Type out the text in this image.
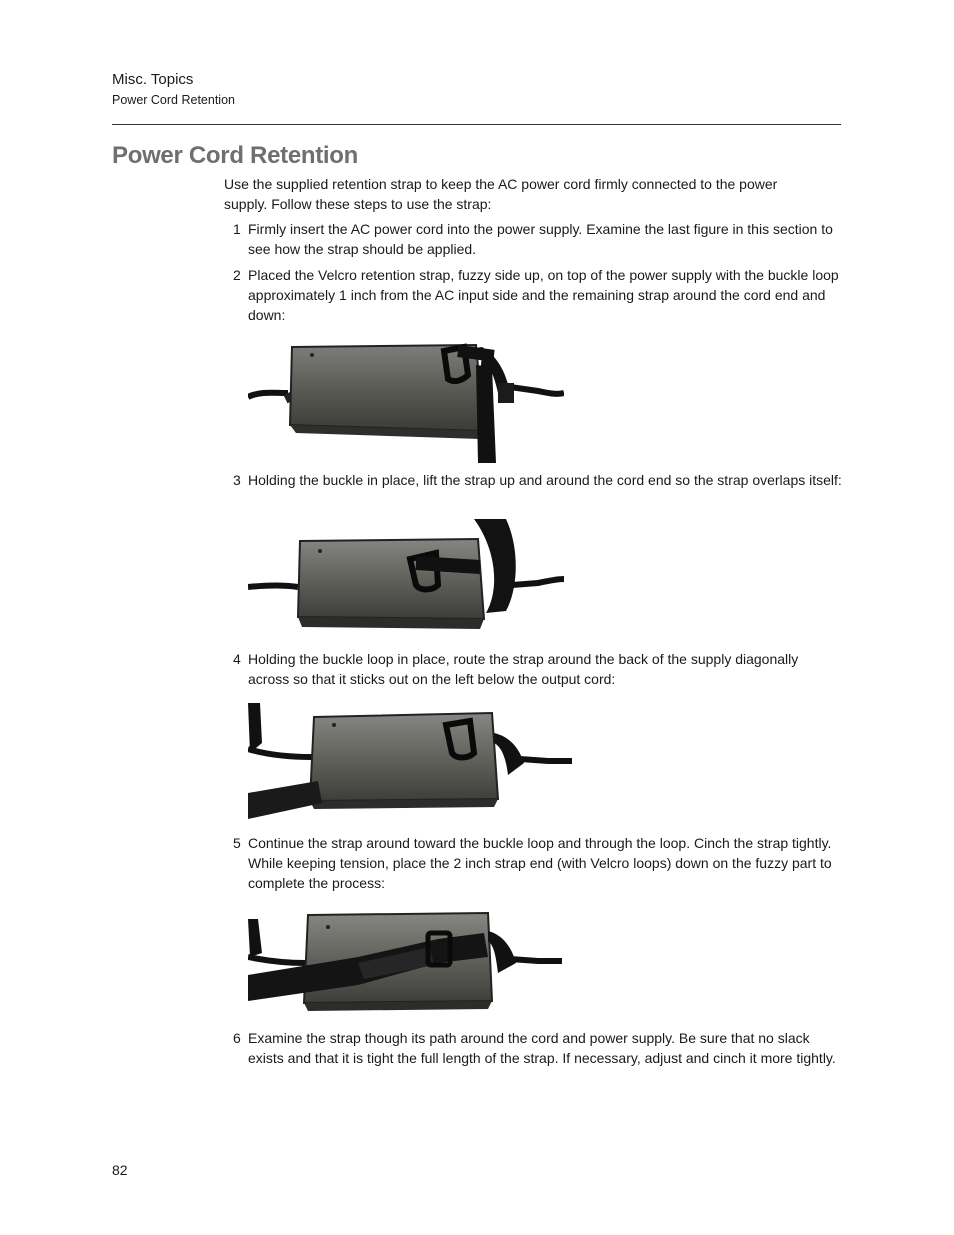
Misc. Topics
Power Cord Retention
Power Cord Retention
Use the supplied retention strap to keep the AC power cord firmly connected to the power supply. Follow these steps to use the strap:
1 Firmly insert the AC power cord into the power supply. Examine the last figure in this section to see how the strap should be applied.
2 Placed the Velcro retention strap, fuzzy side up, on top of the power supply with the buckle loop approximately 1 inch from the AC input side and the remaining strap around the cord end and down:
3 Holding the buckle in place, lift the strap up and around the cord end so the strap overlaps itself:
4 Holding the buckle loop in place, route the strap around the back of the supply diagonally across so that it sticks out on the left below the output cord:
5 Continue the strap around toward the buckle loop and through the loop. Cinch the strap tightly. While keeping tension, place the 2 inch strap end (with Velcro loops) down on the fuzzy part to complete the process:
6 Examine the strap though its path around the cord and power supply. Be sure that no slack exists and that it is tight the full length of the strap. If necessary, adjust and cinch it more tightly.
82
